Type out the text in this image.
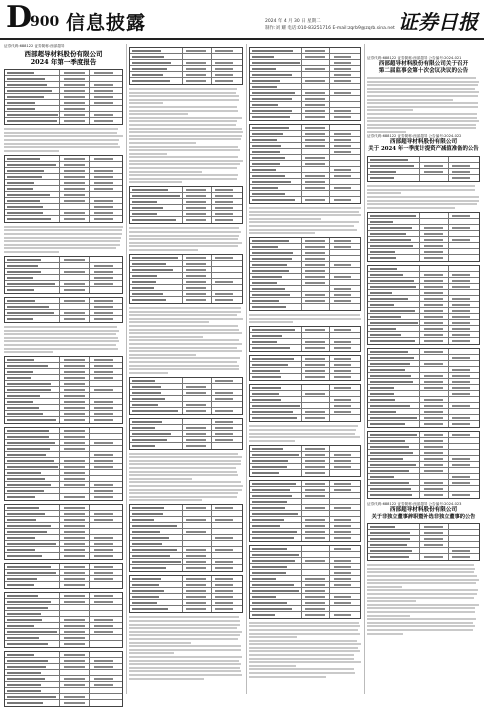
D
900 信息披露	2024 年 4 月 30 日 星期二
制作:刘 耀 电话:010-83251716 E-mail:zqrb9@zqrb.sina.net 证券日报
证券代码:688122 证券简称:西部超导
西部超导材料股份有限公司
2024 年第一季度报告
证券代码:688122 证券简称:西部超导 公告编号:2024-021
西部超导材料股份有限公司关于召开
第二届监事会第十次会议决议的公告
证券代码:688122 证券简称:西部超导 公告编号:2024-022
西部超导材料股份有限公司
关于 2024 年一季度计提资产减值准备的公告
证券代码:688122 证券简称:西部超导 公告编号:2024-023
西部超导材料股份有限公司
关于非独立董事辞职暨补选非独立董事的公告
